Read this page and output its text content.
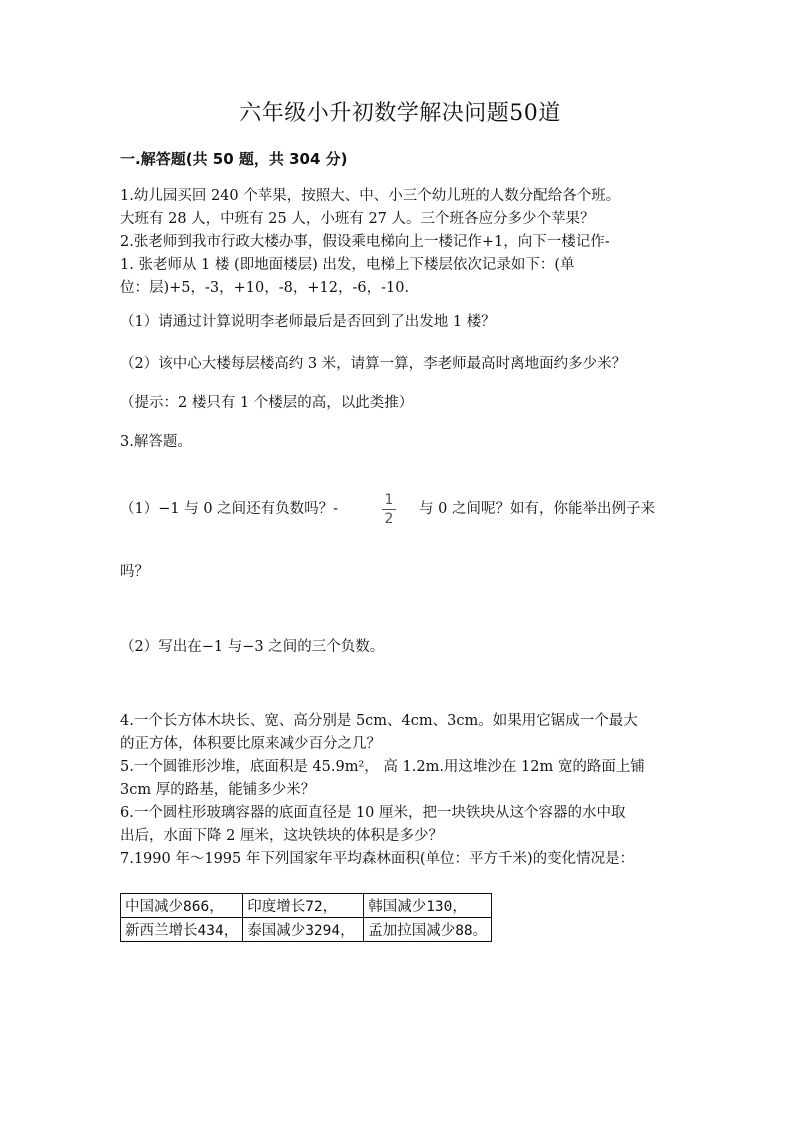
六年级小升初数学解决问题50道
一.解答题(共 50 题，共 304 分)
1.幼儿园买回 240 个苹果，按照大、中、小三个幼儿班的人数分配给各个班。
大班有 28 人，中班有 25 人，小班有 27 人。三个班各应分多少个苹果？
2.张老师到我市行政大楼办事，假设乘电梯向上一楼记作+1，向下一楼记作-
1. 张老师从 1 楼 (即地面楼层) 出发，电梯上下楼层依次记录如下：(单
位：层)+5，-3，+10，-8，+12，-6，-10.
（1）请通过计算说明李老师最后是否回到了出发地 1 楼？
（2）该中心大楼每层楼高约 3 米，请算一算，李老师最高时离地面约多少米？
（提示：2 楼只有 1 个楼层的高，以此类推）
3.解答题。
（1）−1 与 0 之间还有负数吗？-
1
2
与 0 之间呢？如有，你能举出例子来
吗？
（2）写出在−1 与−3 之间的三个负数。
4.一个长方体木块长、宽、高分别是 5cm、4cm、3cm。如果用它锯成一个最大
的正方体，体积要比原来减少百分之几？
5.一个圆锥形沙堆，底面积是 45.9m²， 高 1.2m.用这堆沙在 12m 宽的路面上铺
3cm 厚的路基，能铺多少米？
6.一个圆柱形玻璃容器的底面直径是 10 厘米，把一块铁块从这个容器的水中取
出后，水面下降 2 厘米，这块铁块的体积是多少？
7.1990 年～1995 年下列国家年平均森林面积(单位：平方千米)的变化情况是：
中国减少866，	印度增长72，	韩国减少130，
新西兰增长434，	泰国减少3294，	孟加拉国减少88。
